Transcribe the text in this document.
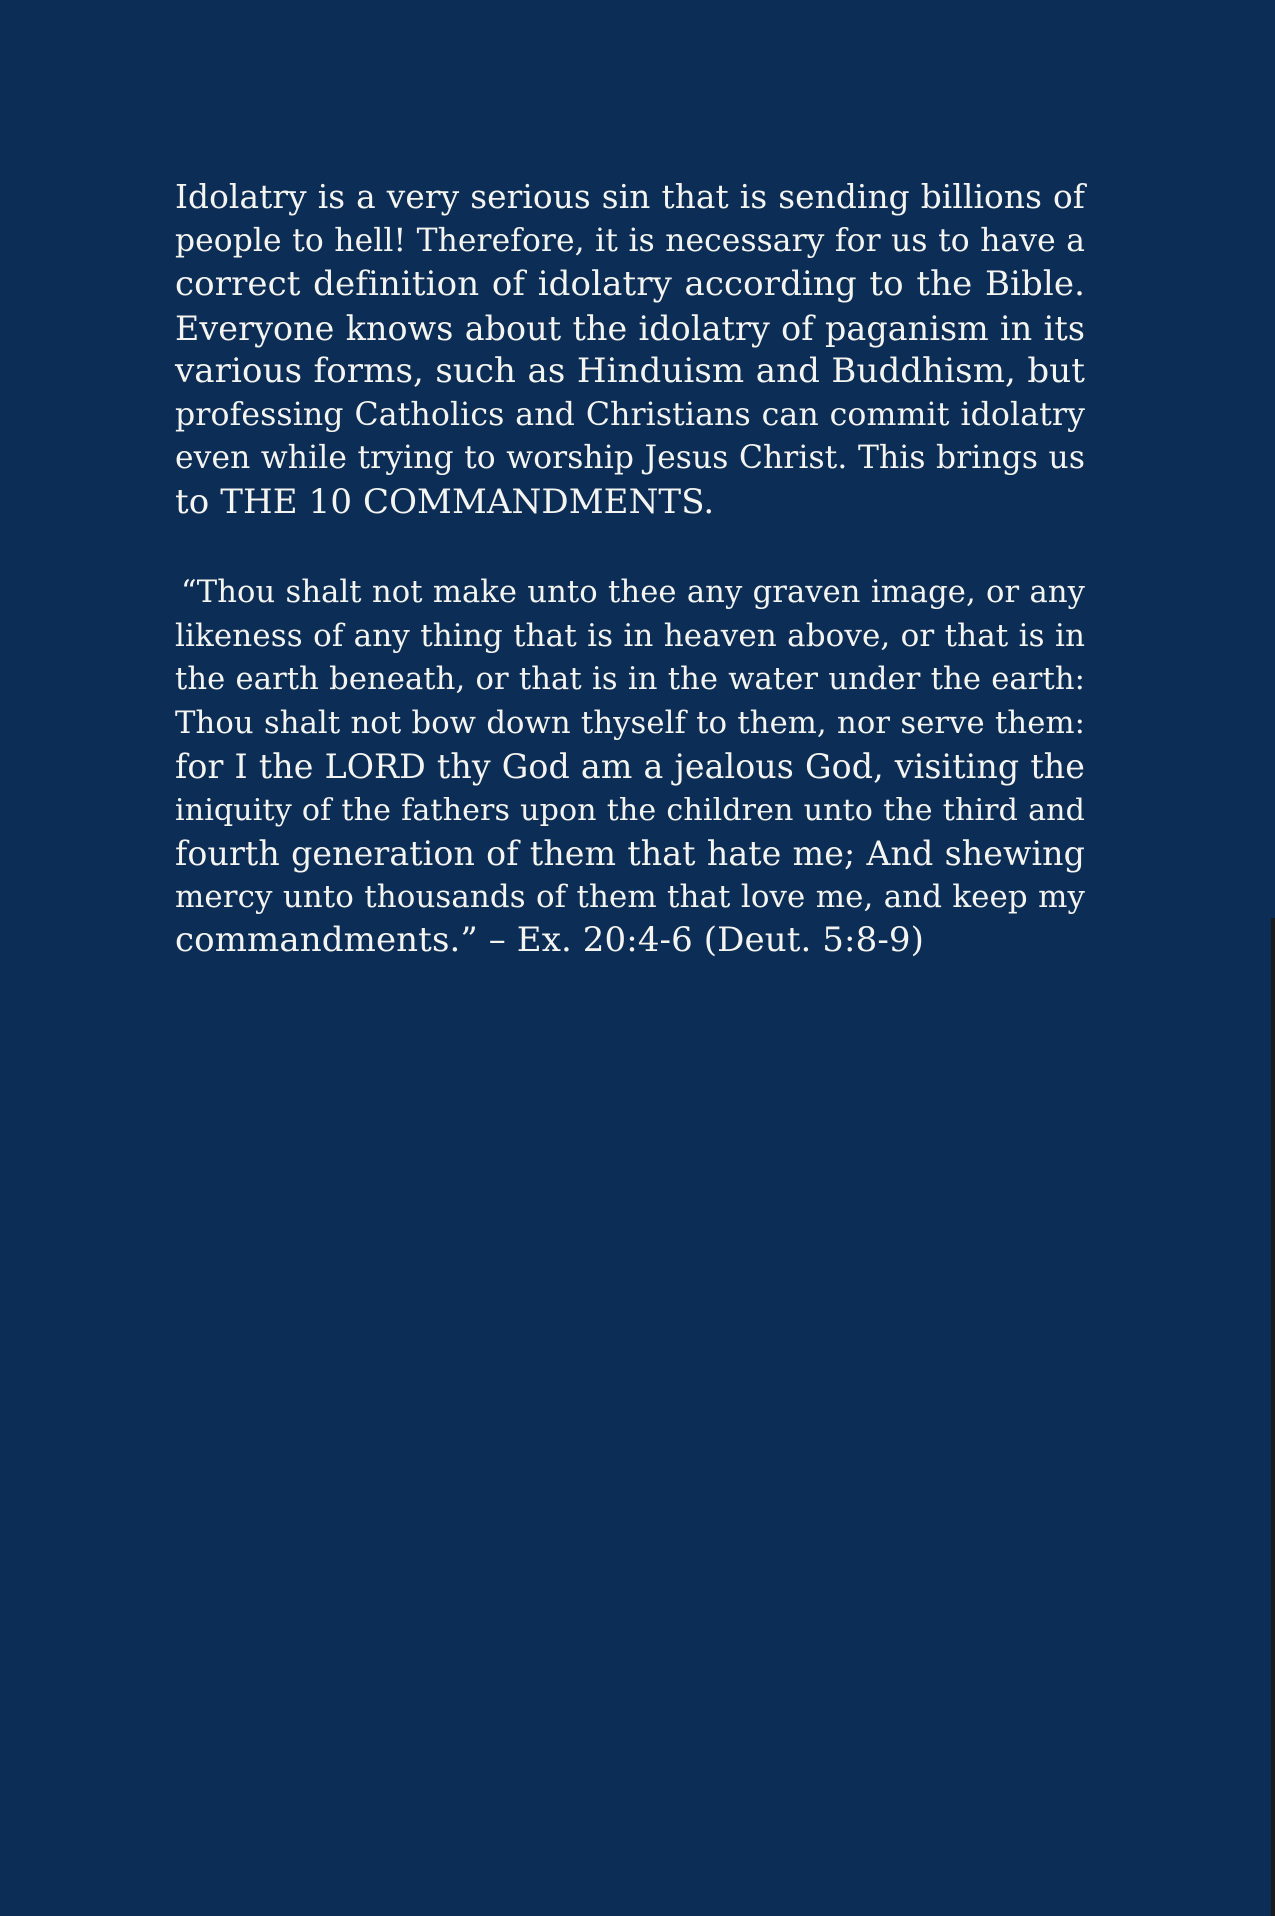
Idolatry is a very serious sin that is sending billions of
people to hell! Therefore, it is necessary for us to have a
correct definition of idolatry according to the Bible.
Everyone knows about the idolatry of paganism in its
various forms, such as Hinduism and Buddhism, but
professing Catholics and Christians can commit idolatry
even while trying to worship Jesus Christ. This brings us
to THE 10 COMMANDMENTS.
“Thou shalt not make unto thee any graven image, or any
likeness of any thing that is in heaven above, or that is in
the earth beneath, or that is in the water under the earth:
Thou shalt not bow down thyself to them, nor serve them:
for I the LORD thy God am a jealous God, visiting the
iniquity of the fathers upon the children unto the third and
fourth generation of them that hate me; And shewing
mercy unto thousands of them that love me, and keep my
commandments.” – Ex. 20:4-6 (Deut. 5:8-9)
